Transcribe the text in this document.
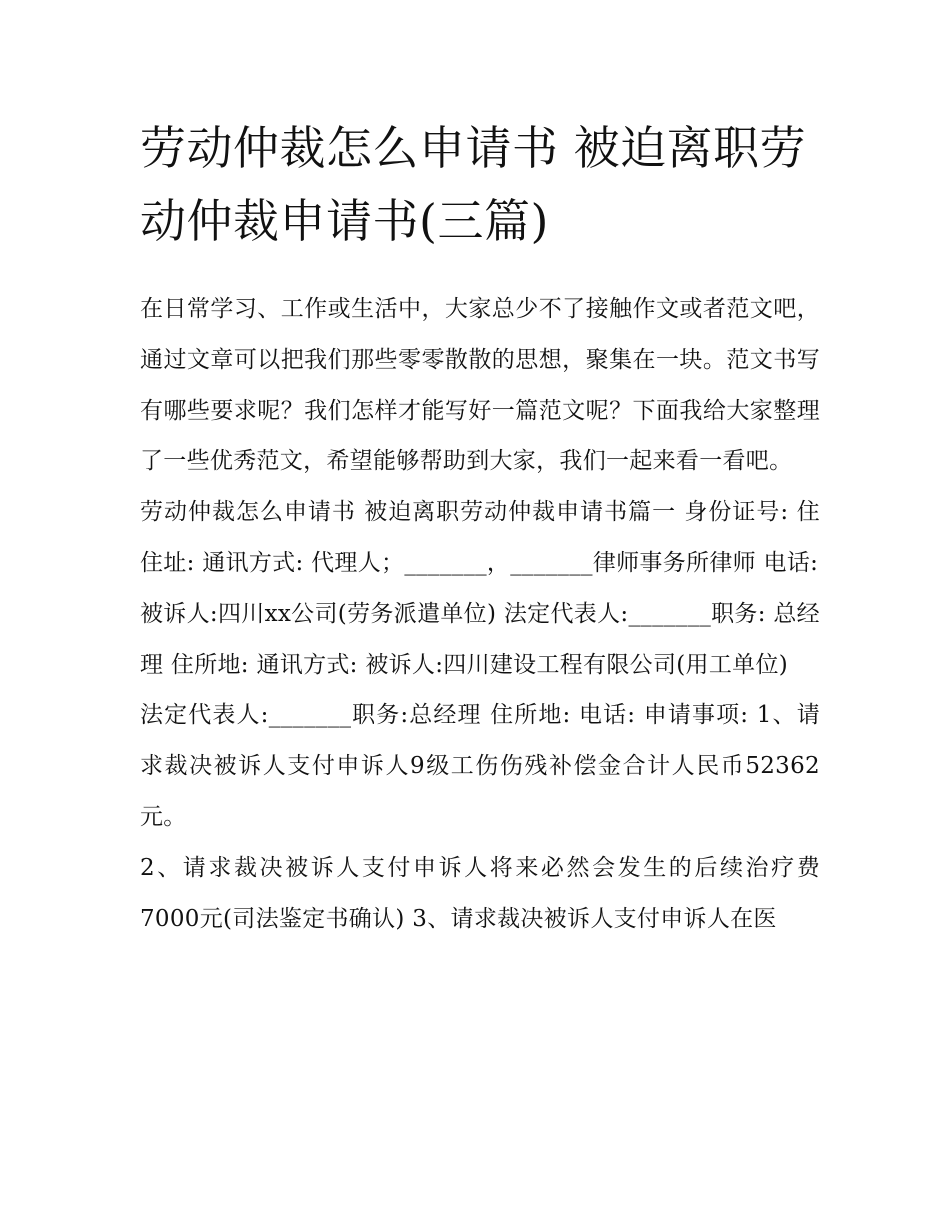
劳动仲裁怎么申请书 被迫离职劳动仲裁申请书(三篇)

在日常学习、工作或生活中，大家总少不了接触作文或者范文吧，通过文章可以把我们那些零零散散的思想，聚集在一块。范文书写有哪些要求呢？我们怎样才能写好一篇范文呢？下面我给大家整理了一些优秀范文，希望能够帮助到大家，我们一起来看一看吧。

劳动仲裁怎么申请书 被迫离职劳动仲裁申请书篇一 身份证号: 住住址: 通讯方式: 代理人；_______，_______律师事务所律师 电话:

被诉人:四川xx公司(劳务派遣单位) 法定代表人:_______职务: 总经理 住所地: 通讯方式: 被诉人:四川建设工程有限公司(用工单位)

法定代表人:_______职务:总经理 住所地: 电话: 申请事项: 1、请求裁决被诉人支付申诉人9级工伤伤残补偿金合计人民币52362元。

2、请求裁决被诉人支付申诉人将来必然会发生的后续治疗费7000元(司法鉴定书确认) 3、请求裁决被诉人支付申诉人在医
